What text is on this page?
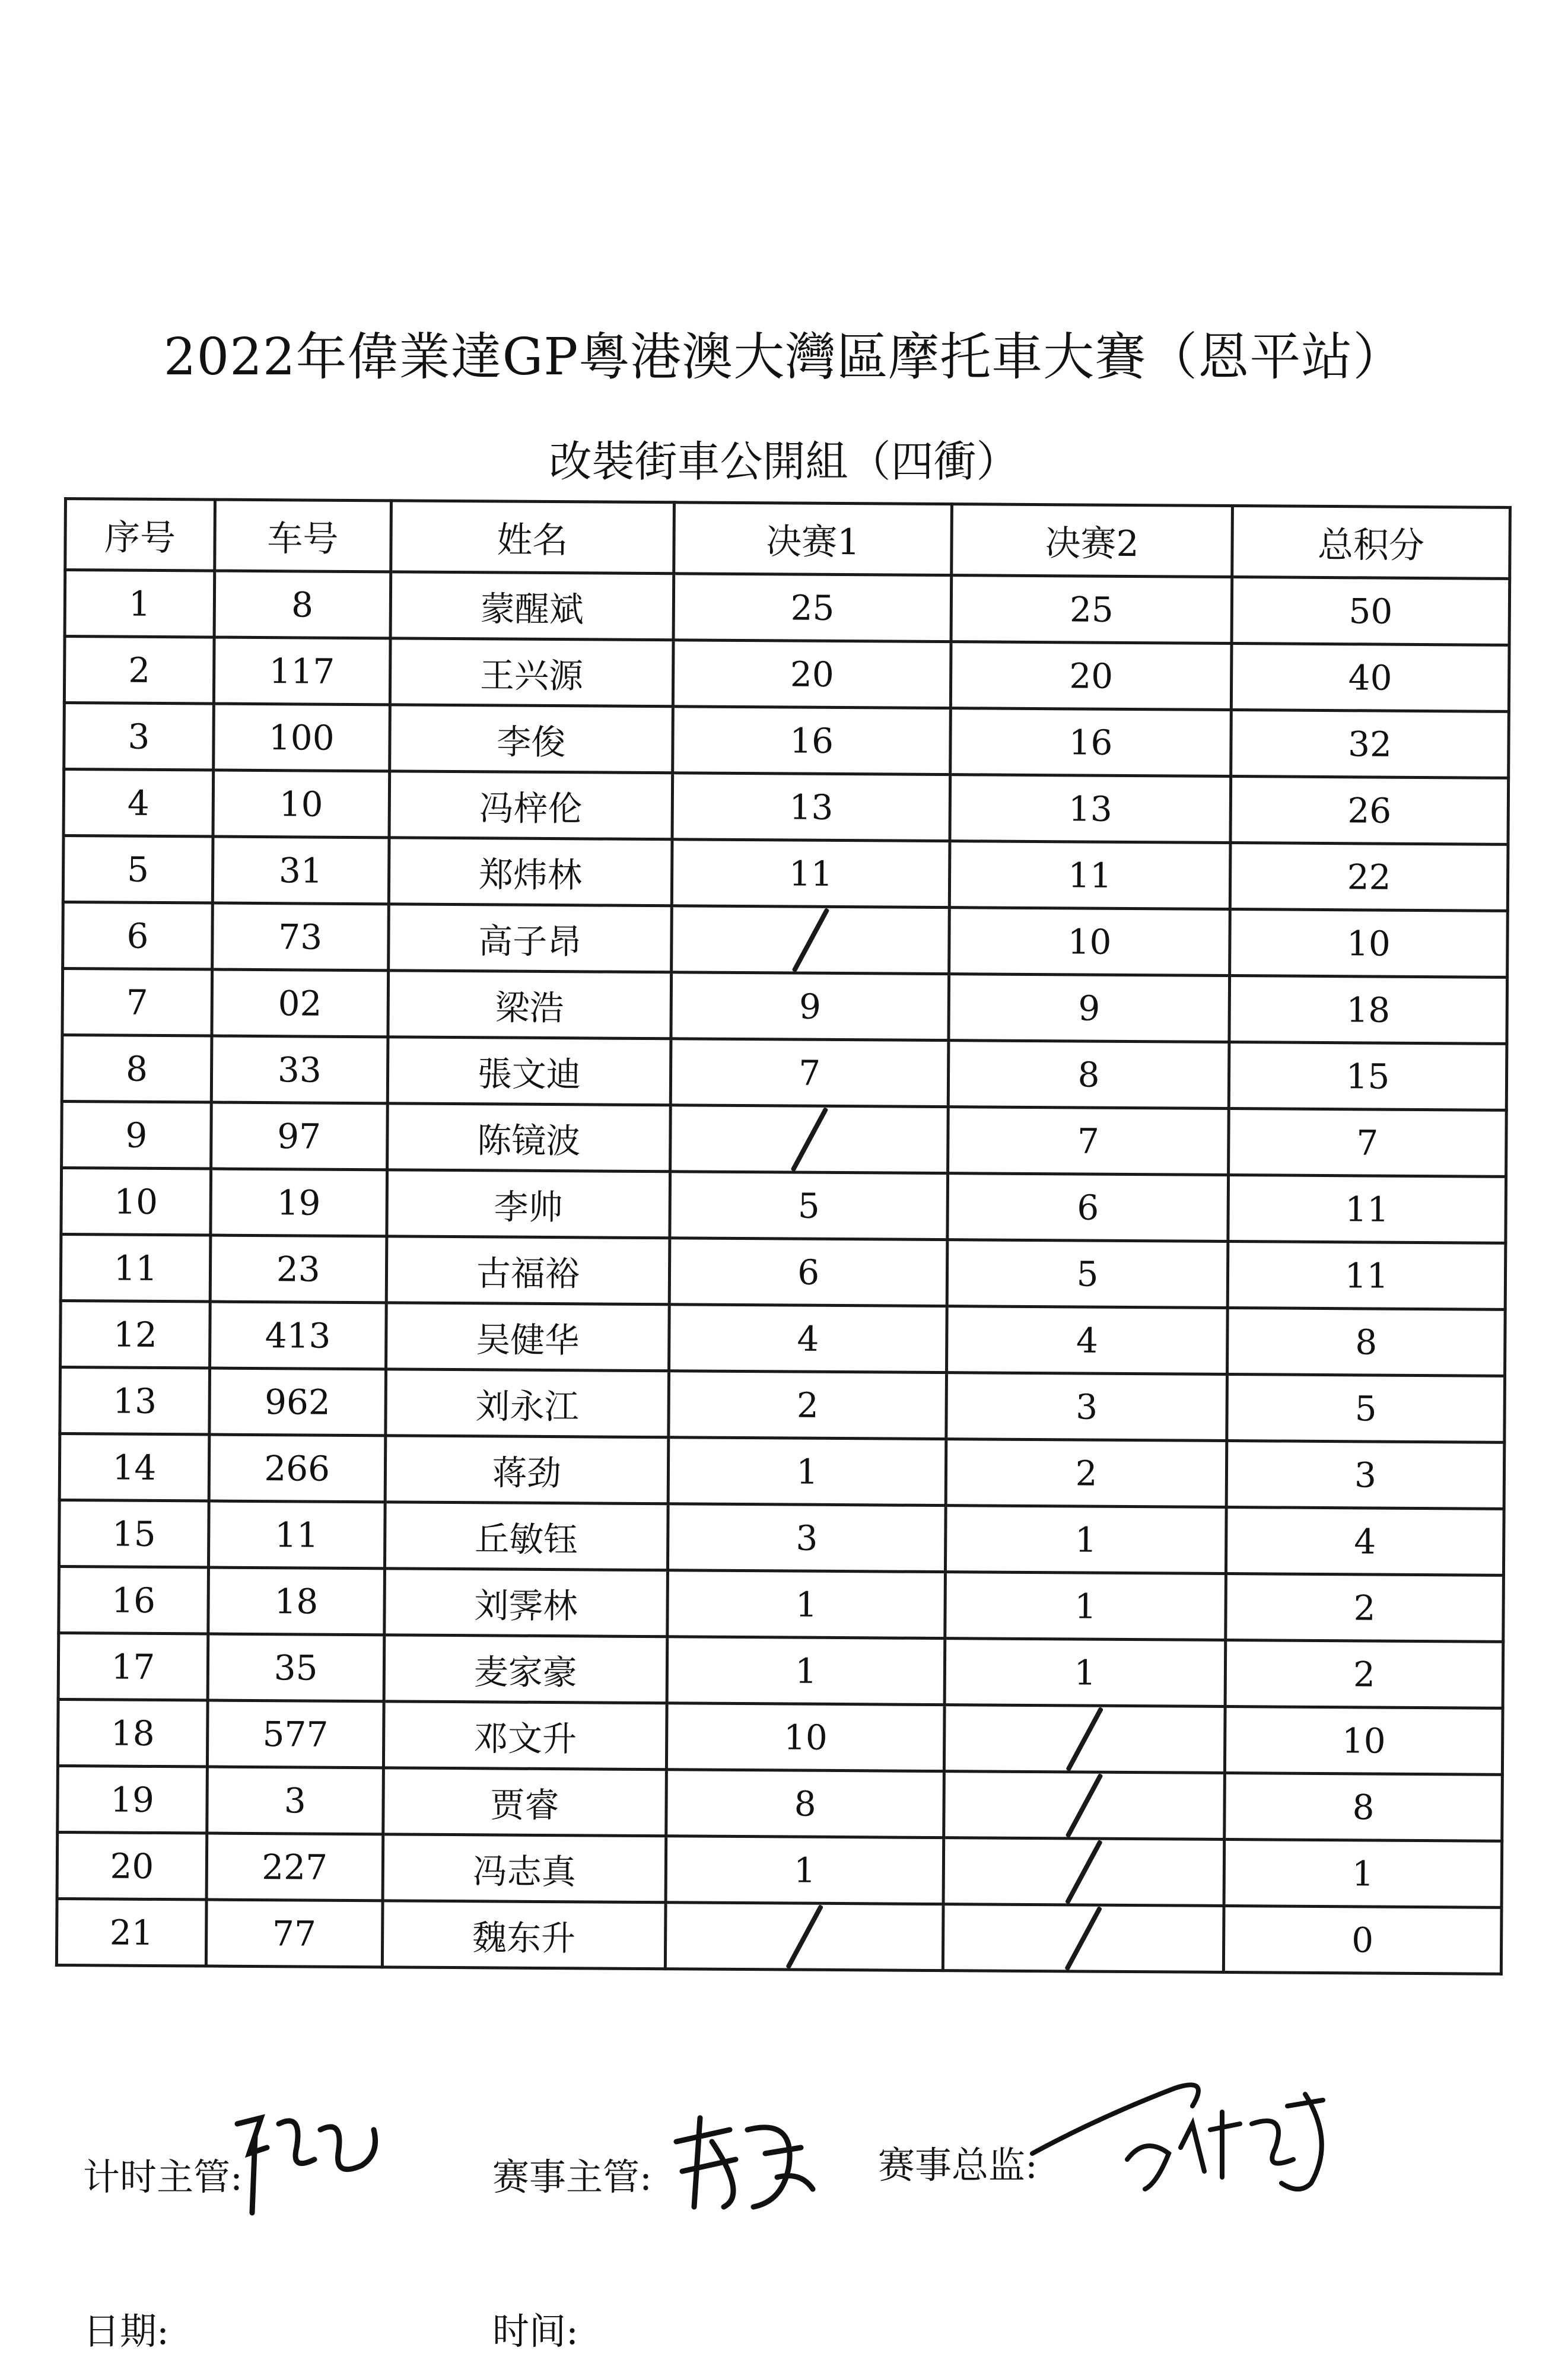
2022年偉業達GP粵港澳大灣區摩托車大賽（恩平站）
改裝街車公開組（四衝）
序号	车号	姓名	决赛1	决赛2	总积分
1	8	蒙醒斌	25	25	50
2	117	王兴源	20	20	40
3	100	李俊	16	16	32
4	10	冯梓伦	13	13	26
5	31	郑炜林	11	11	22
6	73	高子昂		10	10
7	02	梁浩	9	9	18
8	33	張文迪	7	8	15
9	97	陈镜波		7	7
10	19	李帅	5	6	11
11	23	古福裕	6	5	11
12	413	吴健华	4	4	8
13	962	刘永江	2	3	5
14	266	蒋劲	1	2	3
15	11	丘敏钰	3	1	4
16	18	刘霁林	1	1	2
17	35	麦家豪	1	1	2
18	577	邓文升	10		10
19	3	贾睿	8		8
20	227	冯志真	1		1
21	77	魏东升			0
计时主管:	赛事主管:	赛事总监:
日期:	时间:
